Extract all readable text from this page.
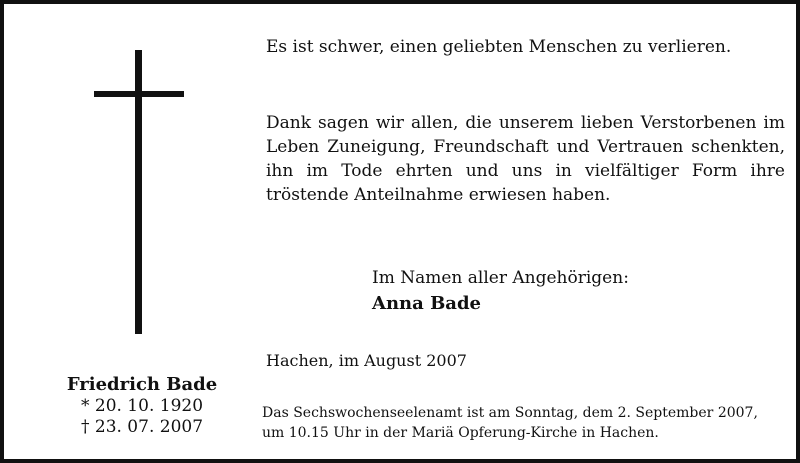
Es ist schwer, einen geliebten Menschen zu verlieren.

Dank sagen wir allen, die unserem lieben Verstorbenen im
Leben Zuneigung, Freundschaft und Vertrauen schenkten,
ihn im Tode ehrten und uns in vielfältiger Form ihre
tröstende Anteilnahme erwiesen haben.

Im Namen aller Angehörigen:
Anna Bade
Hachen, im August 2007
Friedrich Bade
* 20. 10. 1920
† 23. 07. 2007
Das Sechswochenseelenamt ist am Sonntag, dem 2. September 2007,
um 10.15 Uhr in der Mariä Opferung-Kirche in Hachen.
